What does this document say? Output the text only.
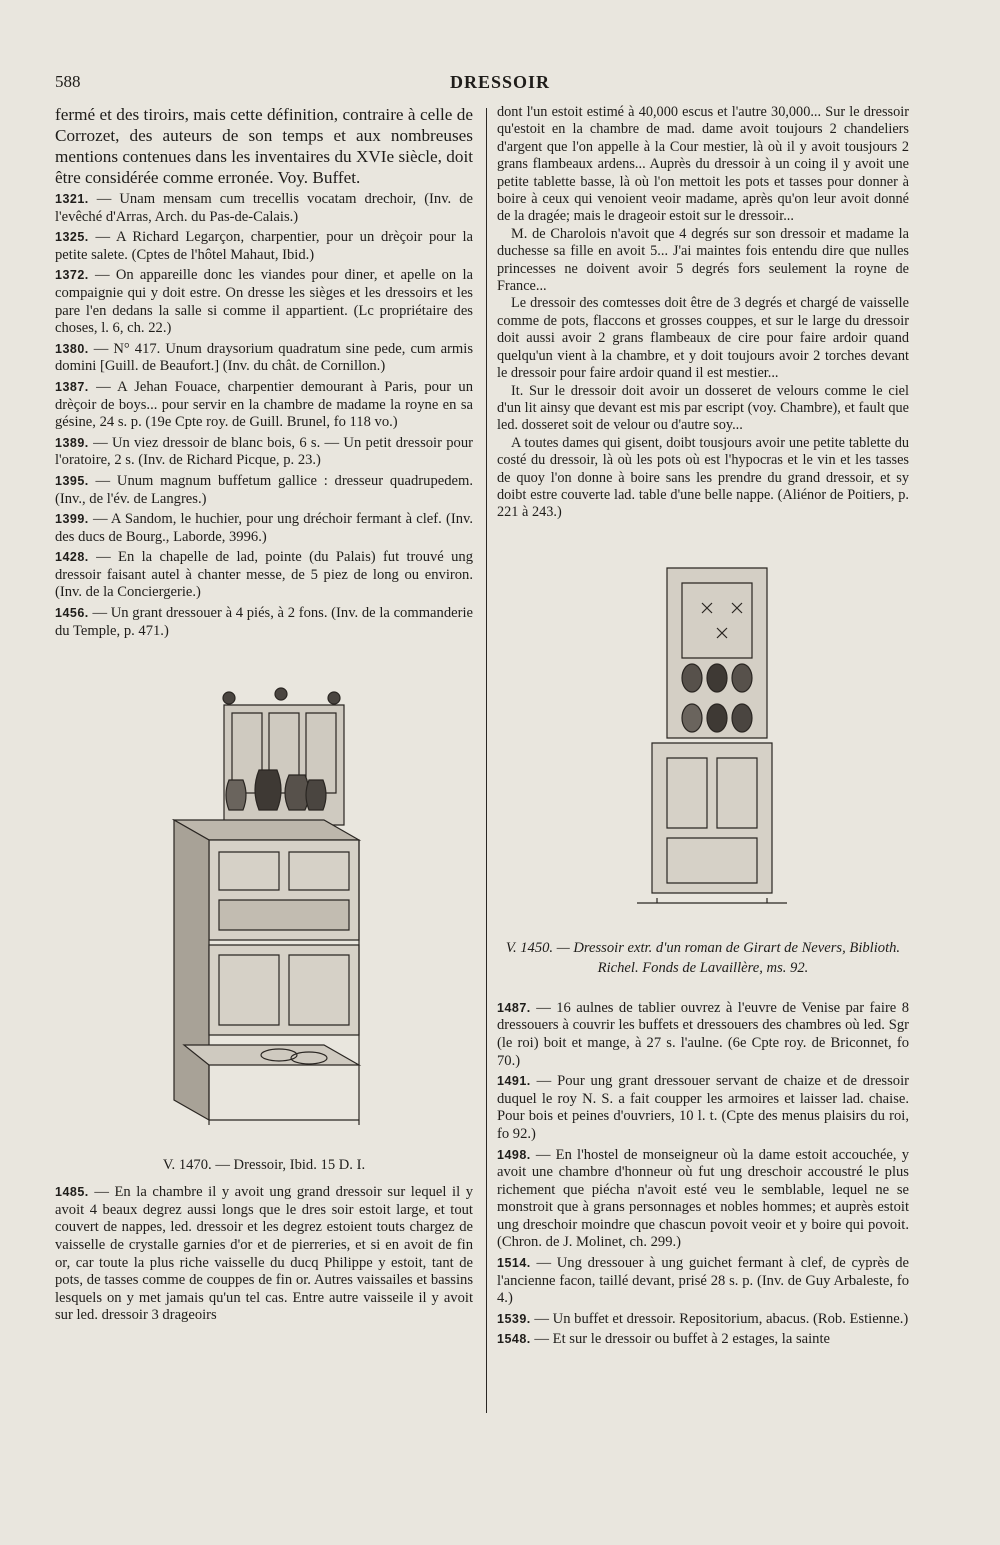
588	DRESSOIR

fermé et des tiroirs, mais cette définition, contraire à celle de Corrozet, des auteurs de son temps et aux nombreuses mentions contenues dans les inventaires du XVIe siècle, doit être considérée comme erronée. Voy. Buffet.

1321. — Unam mensam cum trecellis vocatam drechoir, (Inv. de l'evêché d'Arras, Arch. du Pas-de-Calais.)

1325. — A Richard Legarçon, charpentier, pour un drèçoir pour la petite salete. (Cptes de l'hôtel Mahaut, Ibid.)

1372. — On appareille donc les viandes pour diner, et apelle on la compaignie qui y doit estre. On dresse les sièges et les dressoirs et les pare l'en dedans la salle si comme il appartient. (Lc propriétaire des choses, l. 6, ch. 22.)

1380. — N° 417. Unum draysorium quadratum sine pede, cum armis domini [Guill. de Beaufort.] (Inv. du chât. de Cornillon.)

1387. — A Jehan Fouace, charpentier demourant à Paris, pour un drèçoir de boys... pour servir en la chambre de madame la royne en sa gésine, 24 s. p. (19e Cpte roy. de Guill. Brunel, fo 118 vo.)

1389. — Un viez dressoir de blanc bois, 6 s. — Un petit dressoir pour l'oratoire, 2 s. (Inv. de Richard Picque, p. 23.)

1395. — Unum magnum buffetum gallice : dresseur quadrupedem. (Inv., de l'év. de Langres.)

1399. — A Sandom, le huchier, pour ung dréchoir fermant à clef. (Inv. des ducs de Bourg., Laborde, 3996.)

1428. — En la chapelle de lad, pointe (du Palais) fut trouvé ung dressoir faisant autel à chanter messe, de 5 piez de long ou environ. (Inv. de la Conciergerie.)

1456. — Un grant dressouer à 4 piés, à 2 fons. (Inv. de la commanderie du Temple, p. 471.)

V. 1470. — Dressoir, Ibid. 15 D. I.

1485. — En la chambre il y avoit ung grand dressoir sur lequel il y avoit 4 beaux degrez aussi longs que le dres soir estoit large, et tout couvert de nappes, led. dressoir et les degrez estoient touts chargez de vaisselle de crystalle garnies d'or et de pierreries, et si en avoit de fin or, car toute la plus riche vaisselle du ducq Philippe y estoit, tant de pots, de tasses comme de couppes de fin or. Autres vaissailes et bassins lesquels on y met jamais qu'un tel cas. Entre autre vaisseile il y avoit sur led. dressoir 3 drageoirs

dont l'un estoit estimé à 40,000 escus et l'autre 30,000... Sur le dressoir qu'estoit en la chambre de mad. dame avoit toujours 2 chandeliers d'argent que l'on appelle à la Cour mestier, là où il y avoit tousjours 2 grans flambeaux ardens... Auprès du dressoir à un coing il y avoit une petite tablette basse, là où l'on mettoit les pots et tasses pour donner à boire à ceux qui venoient veoir madame, après qu'on leur avoit donné de la dragée; mais le drageoir estoit sur le dressoir...

M. de Charolois n'avoit que 4 degrés sur son dressoir et madame la duchesse sa fille en avoit 5... J'ai maintes fois entendu dire que nulles princesses ne doivent avoir 5 degrés fors seulement la royne de France...

Le dressoir des comtesses doit être de 3 degrés et chargé de vaisselle comme de pots, flaccons et grosses couppes, et sur le large du dressoir doit aussi avoir 2 grans flambeaux de cire pour faire ardoir quand quelqu'un vient à la chambre, et y doit toujours avoir 2 torches devant le dressoir pour faire ardoir quand il est mestier...

It. Sur le dressoir doit avoir un dosseret de velours comme le ciel d'un lit ainsy que devant est mis par escript (voy. Chambre), et fault que led. dosseret soit de velour ou d'autre soy...

A toutes dames qui gisent, doibt tousjours avoir une petite tablette du costé du dressoir, là où les pots où est l'hypocras et le vin et les tasses de quoy l'on donne à boire sans les prendre du grand dressoir, et sy doibt estre couverte lad. table d'une belle nappe. (Aliénor de Poitiers, p. 221 à 243.)

V. 1450. — Dressoir extr. d'un roman de Girart de Nevers, Biblioth. Richel. Fonds de Lavaillère, ms. 92.

1487. — 16 aulnes de tablier ouvrez à l'euvre de Venise par faire 8 dressouers à couvrir les buffets et dressouers des chambres où led. Sgr (le roi) boit et mange, à 27 s. l'aulne. (6e Cpte roy. de Briconnet, fo 70.)

1491. — Pour ung grant dressouer servant de chaize et de dressoir duquel le roy N. S. a fait coupper les armoires et laisser lad. chaise. Pour bois et peines d'ouvriers, 10 l. t. (Cpte des menus plaisirs du roi, fo 92.)

1498. — En l'hostel de monseigneur où la dame estoit accouchée, y avoit une chambre d'honneur où fut ung dreschoir accoustré le plus richement que piécha n'avoit esté veu le semblable, lequel ne se monstroit que à grans personnages et nobles hommes; et auprès estoit ung dreschoir moindre que chascun povoit veoir et y boire qui povoit. (Chron. de J. Molinet, ch. 299.)

1514. — Ung dressouer à ung guichet fermant à clef, de cyprès de l'ancienne facon, taillé devant, prisé 28 s. p. (Inv. de Guy Arbaleste, fo 4.)

1539. — Un buffet et dressoir. Repositorium, abacus. (Rob. Estienne.)

1548. — Et sur le dressoir ou buffet à 2 estages, la sainte
